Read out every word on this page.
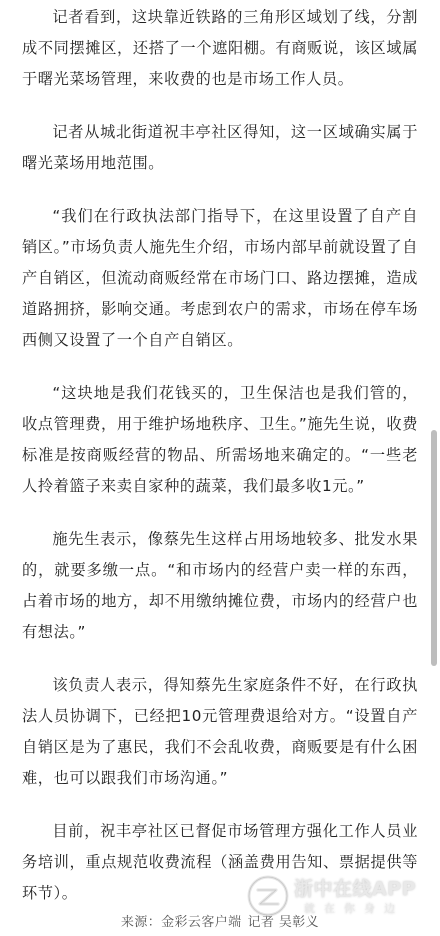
记者看到，这块靠近铁路的三角形区域划了线，分割成不同摆摊区，还搭了一个遮阳棚。有商贩说，该区域属于曙光菜场管理，来收费的也是市场工作人员。

记者从城北街道祝丰亭社区得知，这一区域确实属于曙光菜场用地范围。

“我们在行政执法部门指导下，在这里设置了自产自销区。”市场负责人施先生介绍，市场内部早前就设置了自产自销区，但流动商贩经常在市场门口、路边摆摊，造成道路拥挤，影响交通。考虑到农户的需求，市场在停车场西侧又设置了一个自产自销区。

“这块地是我们花钱买的，卫生保洁也是我们管的，收点管理费，用于维护场地秩序、卫生。”施先生说，收费标准是按商贩经营的物品、所需场地来确定的。“一些老人拎着篮子来卖自家种的蔬菜，我们最多收1元。”

施先生表示，像蔡先生这样占用场地较多、批发水果的，就要多缴一点。“和市场内的经营户卖一样的东西，占着市场的地方，却不用缴纳摊位费，市场内的经营户也有想法。”

该负责人表示，得知蔡先生家庭条件不好，在行政执法人员协调下，已经把10元管理费退给对方。“设置自产自销区是为了惠民，我们不会乱收费，商贩要是有什么困难，也可以跟我们市场沟通。”

目前，祝丰亭社区已督促市场管理方强化工作人员业务培训，重点规范收费流程（涵盖费用告知、票据提供等环节）。

来源：金彩云客户端 记者 吴彰义
浙中在线APP
就在你身边
